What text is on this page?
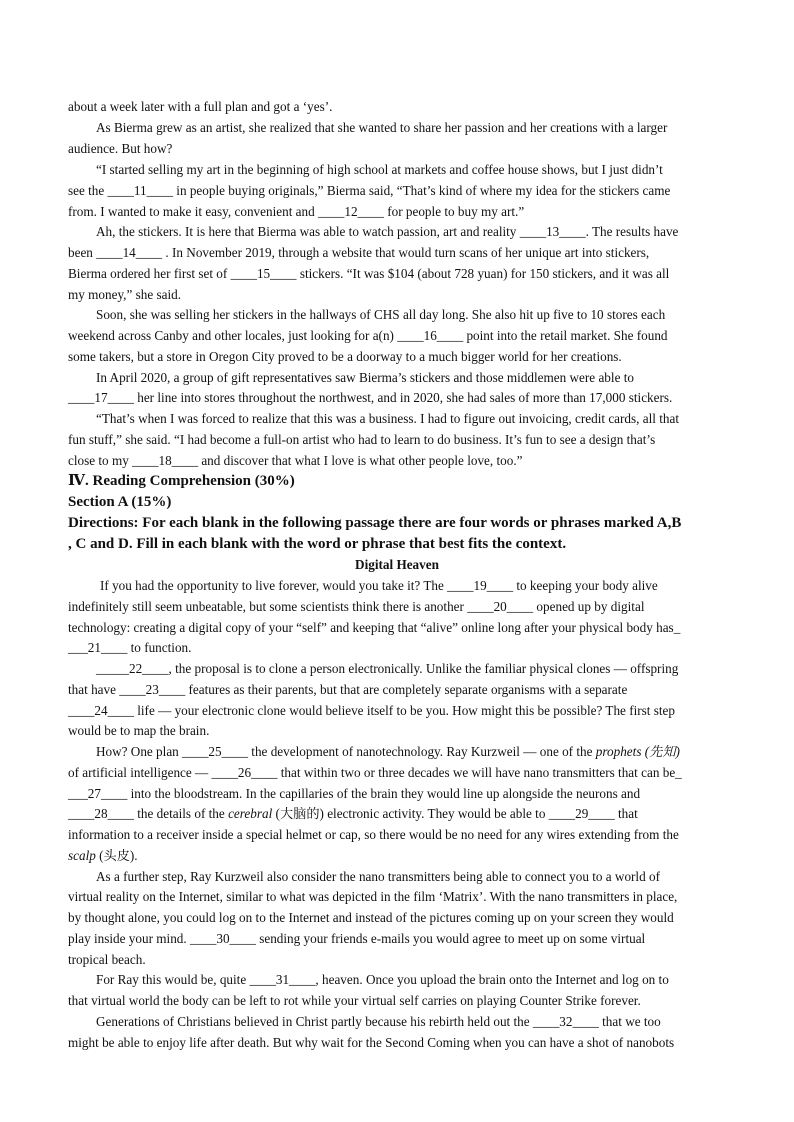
about a week later with a full plan and got a ‘yes’.
As Bierma grew as an artist, she realized that she wanted to share her passion and her creations with a larger
audience. But how?
“I started selling my art in the beginning of high school at markets and coffee house shows, but I just didn’t
see the ____11____ in people buying originals,” Bierma said, “That’s kind of where my idea for the stickers came
from. I wanted to make it easy, convenient and ____12____ for people to buy my art.”
Ah, the stickers. It is here that Bierma was able to watch passion, art and reality ____13____. The results have
been ____14____ . In November 2019, through a website that would turn scans of her unique art into stickers,
Bierma ordered her first set of ____15____ stickers. “It was $104 (about 728 yuan) for 150 stickers, and it was all
my money,” she said.
Soon, she was selling her stickers in the hallways of CHS all day long. She also hit up five to 10 stores each
weekend across Canby and other locales, just looking for a(n) ____16____ point into the retail market. She found
some takers, but a store in Oregon City proved to be a doorway to a much bigger world for her creations.
In April 2020, a group of gift representatives saw Bierma’s stickers and those middlemen were able to
____17____ her line into stores throughout the northwest, and in 2020, she had sales of more than 17,000 stickers.
“That’s when I was forced to realize that this was a business. I had to figure out invoicing, credit cards, all that
fun stuff,” she said. “I had become a full-on artist who had to learn to do business. It’s fun to see a design that’s
close to my ____18____ and discover that what I love is what other people love, too.”
Ⅳ. Reading Comprehension (30%)
Section A (15%)
Directions: For each blank in the following passage there are four words or phrases marked A,B
, C and D. Fill in each blank with the word or phrase that best fits the context.
Digital Heaven
If you had the opportunity to live forever, would you take it? The ____19____ to keeping your body alive
indefinitely still seem unbeatable, but some scientists think there is another ____20____ opened up by digital
technology: creating a digital copy of your “self” and keeping that “alive” online long after your physical body has_
___21____ to function.
_____22____, the proposal is to clone a person electronically. Unlike the familiar physical clones — offspring
that have ____23____ features as their parents, but that are completely separate organisms with a separate
____24____ life — your electronic clone would believe itself to be you. How might this be possible? The first step
would be to map the brain.
How? One plan ____25____ the development of nanotechnology. Ray Kurzweil — one of the prophets (先知)
of artificial intelligence — ____26____ that within two or three decades we will have nano transmitters that can be_
___27____ into the bloodstream. In the capillaries of the brain they would line up alongside the neurons and
____28____ the details of the cerebral (大脑的) electronic activity. They would be able to ____29____ that
information to a receiver inside a special helmet or cap, so there would be no need for any wires extending from the
scalp (头皮).
As a further step, Ray Kurzweil also consider the nano transmitters being able to connect you to a world of
virtual reality on the Internet, similar to what was depicted in the film ‘Matrix’. With the nano transmitters in place,
by thought alone, you could log on to the Internet and instead of the pictures coming up on your screen they would
play inside your mind. ____30____ sending your friends e-mails you would agree to meet up on some virtual
tropical beach.
For Ray this would be, quite ____31____, heaven. Once you upload the brain onto the Internet and log on to
that virtual world the body can be left to rot while your virtual self carries on playing Counter Strike forever.
Generations of Christians believed in Christ partly because his rebirth held out the ____32____ that we too
might be able to enjoy life after death. But why wait for the Second Coming when you can have a shot of nanobots
